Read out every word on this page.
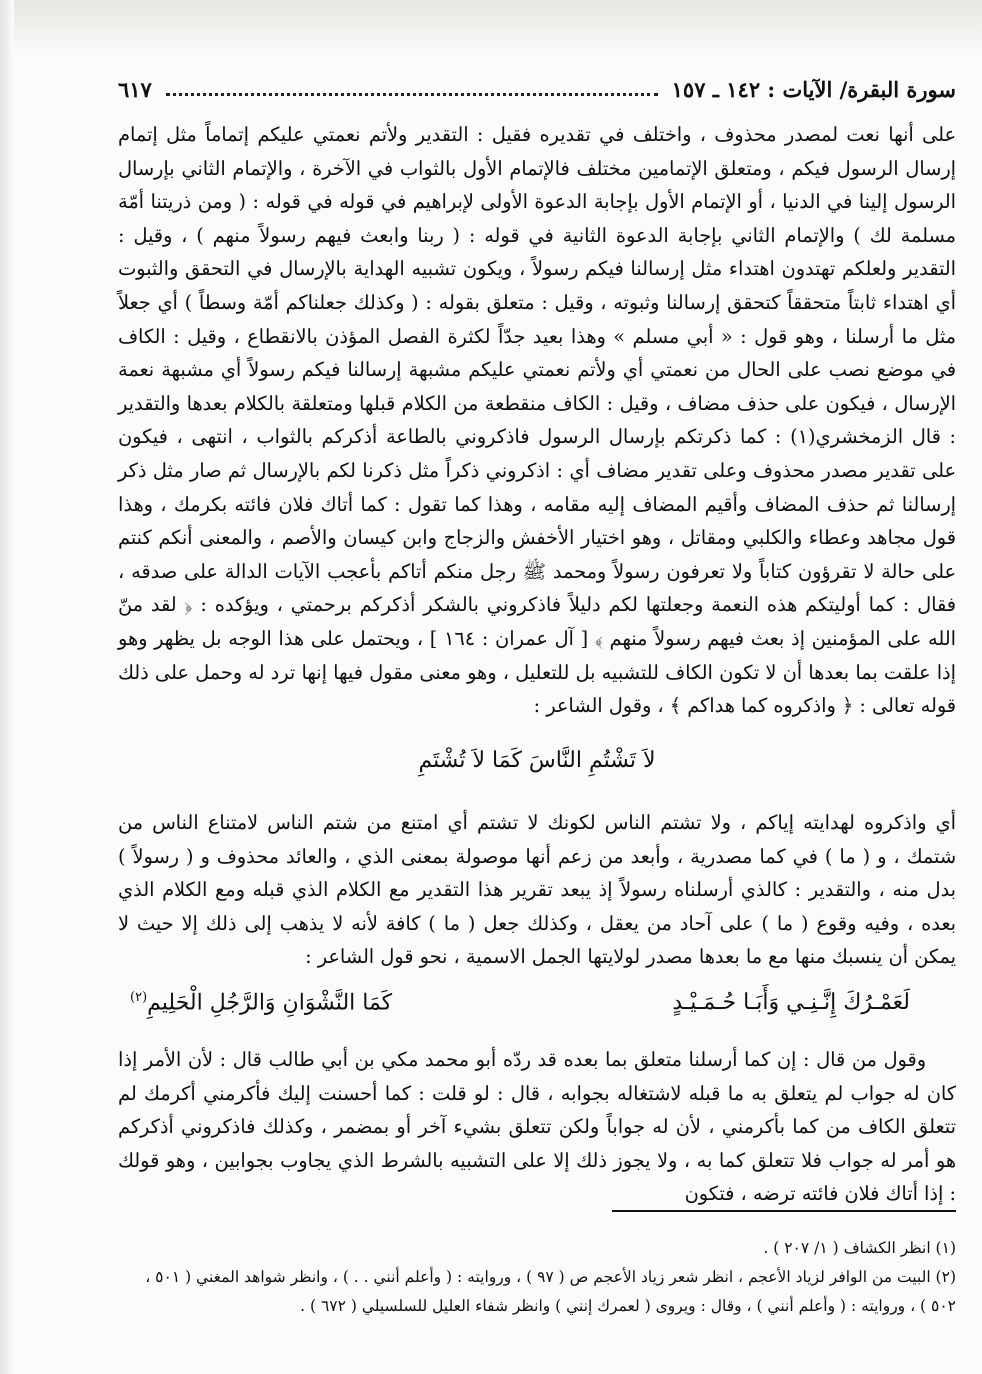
سورة البقرة/ الآيات : ١٤٢ ـ ١٥٧
٦١٧

على أنها نعت لمصدر محذوف ، واختلف في تقديره فقيل : التقدير ولأتم نعمتي عليكم إتماماً مثل إتمام إرسال الرسول فيكم ، ومتعلق الإتمامين مختلف فالإتمام الأول بالثواب في الآخرة ، والإتمام الثاني بإرسال الرسول إلينا في الدنيا ، أو الإتمام الأول بإجابة الدعوة الأولى لإبراهيم في قوله في قوله : ( ومن ذريتنا أمّة مسلمة لك ) والإتمام الثاني بإجابة الدعوة الثانية في قوله : ( ربنا وابعث فيهم رسولاً منهم ) ، وقيل : التقدير ولعلكم تهتدون اهتداء مثل إرسالنا فيكم رسولاً ، ويكون تشبيه الهداية بالإرسال في التحقق والثبوت أي اهتداء ثابتاً متحققاً كتحقق إرسالنا وثبوته ، وقيل : متعلق بقوله : ( وكذلك جعلناكم أمّة وسطاً ) أي جعلاً مثل ما أرسلنا ، وهو قول : « أبي مسلم » وهذا بعيد جدّاً لكثرة الفصل المؤذن بالانقطاع ، وقيل : الكاف في موضع نصب على الحال من نعمتي أي ولأتم نعمتي عليكم مشبهة إرسالنا فيكم رسولاً أي مشبهة نعمة الإرسال ، فيكون على حذف مضاف ، وقيل : الكاف منقطعة من الكلام قبلها ومتعلقة بالكلام بعدها والتقدير : قال الزمخشري(١) : كما ذكرتكم بإرسال الرسول فاذكروني بالطاعة أذكركم بالثواب ، انتهى ، فيكون على تقدير مصدر محذوف وعلى تقدير مضاف أي : اذكروني ذكراً مثل ذكرنا لكم بالإرسال ثم صار مثل ذكر إرسالنا ثم حذف المضاف وأقيم المضاف إليه مقامه ، وهذا كما تقول : كما أتاك فلان فائته بكرمك ، وهذا قول مجاهد وعطاء والكلبي ومقاتل ، وهو اختيار الأخفش والزجاج وابن كيسان والأصم ، والمعنى أنكم كنتم على حالة لا تقرؤون كتاباً ولا تعرفون رسولاً ومحمد ﷺ رجل منكم أتاكم بأعجب الآيات الدالة على صدقه ، فقال : كما أوليتكم هذه النعمة وجعلتها لكم دليلاً فاذكروني بالشكر أذكركم برحمتي ، ويؤكده : ﴿ لقد منّ الله على المؤمنين إذ بعث فيهم رسولاً منهم ﴾ [ آل عمران : ١٦٤ ] ، ويحتمل على هذا الوجه بل يظهر وهو إذا علقت بما بعدها أن لا تكون الكاف للتشبيه بل للتعليل ، وهو معنى مقول فيها إنها ترد له وحمل على ذلك قوله تعالى : ﴿ واذكروه كما هداكم ﴾ ، وقول الشاعر :

لاَ تَشْتُمِ النَّاسَ كَمَا لاَ تُشْتَمِ

أي واذكروه لهدايته إياكم ، ولا تشتم الناس لكونك لا تشتم أي امتنع من شتم الناس لامتناع الناس من شتمك ، و ( ما ) في كما مصدرية ، وأبعد من زعم أنها موصولة بمعنى الذي ، والعائد محذوف و ( رسولاً ) بدل منه ، والتقدير : كالذي أرسلناه رسولاً إذ يبعد تقرير هذا التقدير مع الكلام الذي قبله ومع الكلام الذي بعده ، وفيه وقوع ( ما ) على آحاد من يعقل ، وكذلك جعل ( ما ) كافة لأنه لا يذهب إلى ذلك إلا حيث لا يمكن أن ينسبك منها مع ما بعدها مصدر لولايتها الجمل الاسمية ، نحو قول الشاعر :

لَعَمْـرُكَ إِنَّـنِـي وَأَبَـا حُـمَـيْـدٍ
كَمَا النَّشْوَانِ وَالرَّجُلِ الْحَلِيمِ$^{(٢)}$

وقول من قال : إن كما أرسلنا متعلق بما بعده قد ردّه أبو محمد مكي بن أبي طالب قال : لأن الأمر إذا كان له جواب لم يتعلق به ما قبله لاشتغاله بجوابه ، قال : لو قلت : كما أحسنت إليك فأكرمني أكرمك لم تتعلق الكاف من كما بأكرمني ، لأن له جواباً ولكن تتعلق بشيء آخر أو بمضمر ، وكذلك فاذكروني أذكركم هو أمر له جواب فلا تتعلق كما به ، ولا يجوز ذلك إلا على التشبيه بالشرط الذي يجاوب بجوابين ، وهو قولك : إذا أتاك فلان فائته ترضه ، فتكون

(١) انظر الكشاف ( ١/ ٢٠٧ ) .

(٢) البيت من الوافر لزياد الأعجم ، انظر شعر زياد الأعجم ص ( ٩٧ ) ، وروايته : ( وأعلم أنني . . ) ، وانظر شواهد المغني ( ٥٠١ ، ٥٠٢ ) ، وروايته : ( وأعلم أنني ) ، وقال : ويروى ( لعمرك إنني ) وانظر شفاء العليل للسلسيلي ( ٦٧٢ ) .
